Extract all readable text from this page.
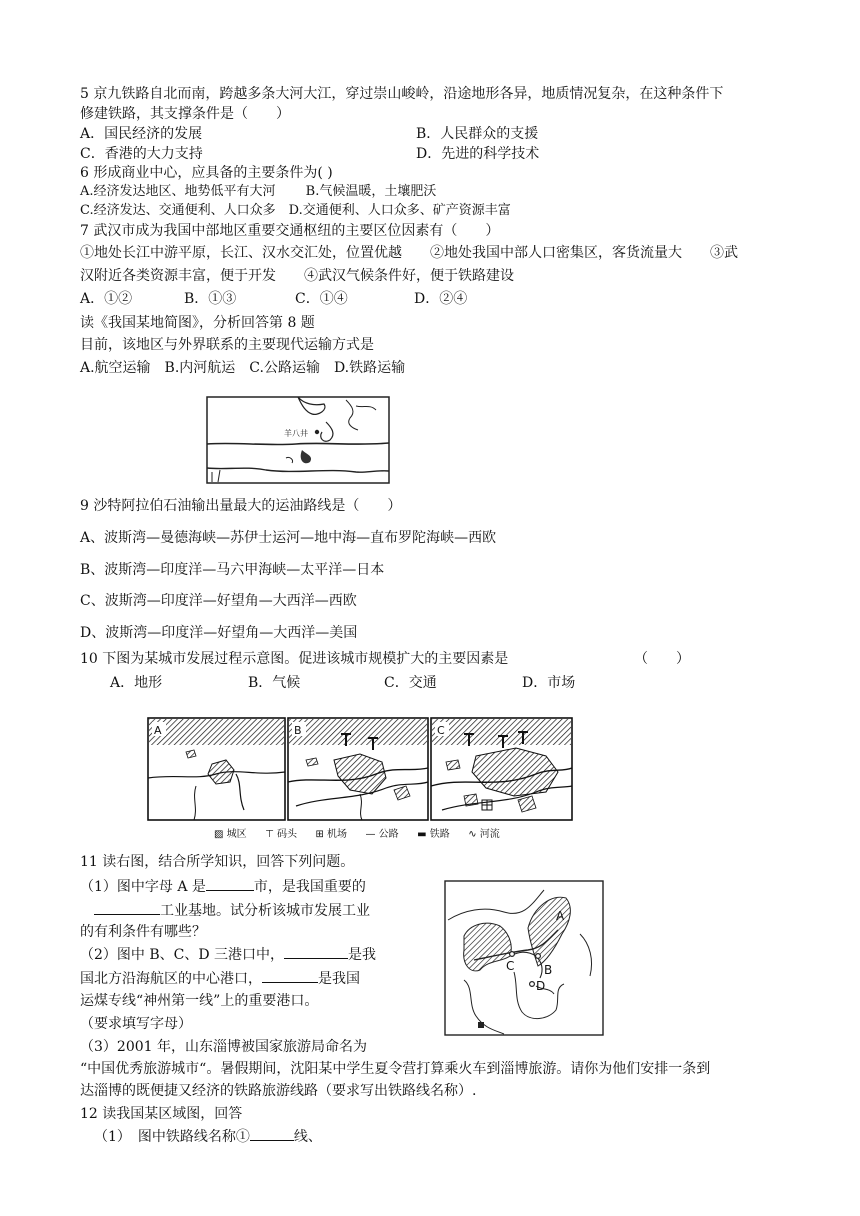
5 京九铁路自北而南，跨越多条大河大江，穿过崇山峻岭，沿途地形各异，地质情况复杂，在这种条件下
修建铁路，其支撑条件是（　　）
A．国民经济的发展	B．人民群众的支援
C．香港的大力支持	D．先进的科学技术
6 形成商业中心，应具备的主要条件为( )
A.经济发达地区、地势低平有大河　　 B.气候温暖，土壤肥沃
C.经济发达、交通便利、人口众多　D.交通便利、人口众多、矿产资源丰富
7 武汉市成为我国中部地区重要交通枢纽的主要区位因素有（　　）
①地处长江中游平原，长江、汉水交汇处，位置优越　　②地处我国中部人口密集区，客货流量大　　③武
汉附近各类资源丰富，便于开发　　④武汉气候条件好，便于铁路建设
A．①②	B．①③	C．①④	D．②④
读《我国某地简图》，分析回答第 8 题
目前，该地区与外界联系的主要现代运输方式是
A.航空运输　B.内河航运　C.公路运输　D.铁路运输
羊八井
9 沙特阿拉伯石油输出量最大的运油路线是（　　）
A、波斯湾—曼德海峡—苏伊士运河—地中海—直布罗陀海峡—西欧
B、波斯湾—印度洋—马六甲海峡—太平洋—日本
C、波斯湾—印度洋—好望角—大西洋—西欧
D、波斯湾—印度洋—好望角—大西洋—美国
10 下图为某城市发展过程示意图。促进该城市规模扩大的主要因素是	（　　）
A．地形	B．气候	C．交通	D．市场
A	B	C
▨ 城区 ⊤ 码头 ⊞ 机场 — 公路 ▬ 铁路 ∿ 河流
11 读右图，结合所学知识，回答下列问题。
（1）图中字母 A 是	市，是我国重要的
工业基地。试分析该城市发展工业
的有利条件有哪些？
（2）图中 B、C、D 三港口中，	是我
国北方沿海航区的中心港口，	是我国
运煤专线“神州第一线”上的重要港口。
（要求填写字母）
（3）2001 年，山东淄博被国家旅游局命名为
“中国优秀旅游城市“。暑假期间，沈阳某中学生夏令营打算乘火车到淄博旅游。请你为他们安排一条到
达淄博的既便捷又经济的铁路旅游线路（要求写出铁路线名称）.
A
B
C
D
12 读我国某区域图，回答
（1）　图中铁路线名称①	线、
